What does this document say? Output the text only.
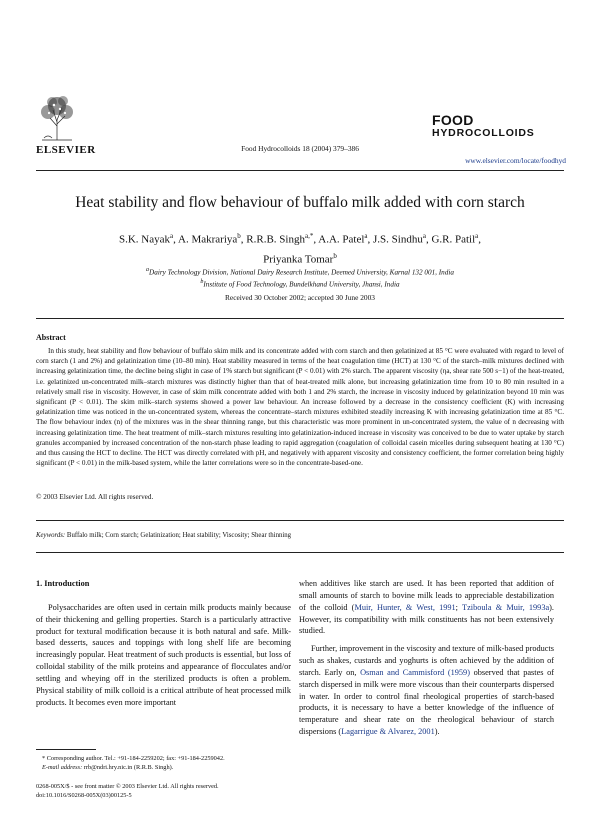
ELSEVIER	Food Hydrocolloids 18 (2004) 379–386
FOOD
HYDROCOLLOIDS
www.elsevier.com/locate/foodhyd
Heat stability and flow behaviour of buffalo milk added with corn starch
S.K. Nayak$^a$, A. Makrariya$^b$, R.R.B. Singh$^{a,*}$, A.A. Patel$^a$, J.S. Sindhu$^a$, G.R. Patil$^a$,
Priyanka Tomar$^b$
$^a$Dairy Technology Division, National Dairy Research Institute, Deemed University, Karnal 132 001, India
$^b$Institute of Food Technology, Bundelkhand University, Jhansi, India
Received 30 October 2002; accepted 30 June 2003
Abstract
In this study, heat stability and flow behaviour of buffalo skim milk and its concentrate added with corn starch and then gelatinized at 85 °C were evaluated with regard to level of corn starch (1 and 2%) and gelatinization time (10–80 min). Heat stability measured in terms of the heat coagulation time (HCT) at 130 °C of the starch–milk mixtures declined with increasing gelatinization time, the decline being slight in case of 1% starch but significant (P < 0.01) with 2% starch. The apparent viscosity (ηa, shear rate 500 s−1) of the heat-treated, i.e. gelatinized un-concentrated milk–starch mixtures was distinctly higher than that of heat-treated milk alone, but increasing gelatinization time from 10 to 80 min resulted in a relatively small rise in viscosity. However, in case of skim milk concentrate added with both 1 and 2% starch, the increase in viscosity induced by gelatinization beyond 10 min was significant (P < 0.01). The skim milk–starch systems showed a power law behaviour. An increase followed by a decrease in the consistency coefficient (K) with increasing gelatinization time was noticed in the un-concentrated system, whereas the concentrate–starch mixtures exhibited steadily increasing K with increasing gelatinization time at 85 °C. The flow behaviour index (n) of the mixtures was in the shear thinning range, but this characteristic was more prominent in un-concentrated system, the value of n decreasing with increasing gelatinization time. The heat treatment of milk–starch mixtures resulting into gelatinization-induced increase in viscosity was conceived to be due to water uptake by starch granules accompanied by increased concentration of the non-starch phase leading to rapid aggregation (coagulation of colloidal casein micelles during subsequent heating at 130 °C) and thus causing the HCT to decline. The HCT was directly correlated with pH, and negatively with apparent viscosity and consistency coefficient, the former correlation being highly significant (P < 0.01) in the milk-based system, while the latter correlations were so in the concentrate-based-one.
© 2003 Elsevier Ltd. All rights reserved.
Keywords: Buffalo milk; Corn starch; Gelatinization; Heat stability; Viscosity; Shear thinning
1. Introduction

Polysaccharides are often used in certain milk products mainly because of their thickening and gelling properties. Starch is a particularly attractive product for textural modification because it is both natural and safe. Milk-based desserts, sauces and toppings with long shelf life are becoming increasingly popular. Heat treatment of such products is essential, but loss of colloidal stability of the milk proteins and appearance of flocculates and/or settling and wheying off in the sterilized products is often a problem. Physical stability of milk colloid is a critical attribute of heat processed milk products. It becomes even more important

when additives like starch are used. It has been reported that addition of small amounts of starch to bovine milk leads to appreciable destabilization of the colloid (Muir, Hunter, & West, 1991; Tziboula & Muir, 1993a). However, its compatibility with milk constituents has not been extensively studied.

Further, improvement in the viscosity and texture of milk-based products such as shakes, custards and yoghurts is often achieved by the addition of starch. Early on, Osman and Cammisford (1959) observed that pastes of starch dispersed in milk were more viscous than their counterparts dispersed in water. In order to control final rheological properties of starch-based products, it is necessary to have a better knowledge of the influence of temperature and shear rate on the rheological behaviour of starch dispersions (Lagarrigue & Alvarez, 2001).

* Corresponding author. Tel.: +91-184-2259202; fax: +91-184-2259042.
E-mail address: rrb@ndri.hry.nic.in (R.R.B. Singh).
0268-005X/$ - see front matter © 2003 Elsevier Ltd. All rights reserved.
doi:10.1016/S0268-005X(03)00125-5
